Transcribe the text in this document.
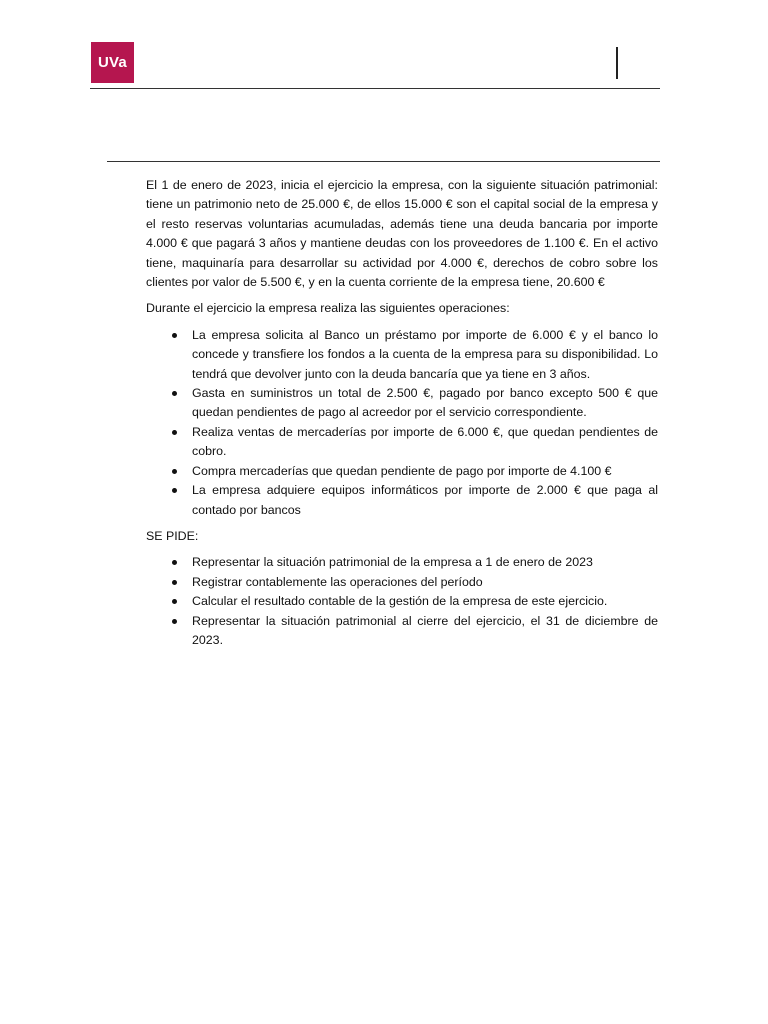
UVa

El 1 de enero de 2023, inicia el ejercicio la empresa, con la siguiente situación patrimonial: tiene un patrimonio neto de 25.000 €, de ellos 15.000 € son el capital social de la empresa y el resto reservas voluntarias acumuladas, además tiene una deuda bancaria por importe 4.000 € que pagará 3 años y mantiene deudas con los proveedores de 1.100 €. En el activo tiene, maquinaría para desarrollar su actividad por 4.000 €, derechos de cobro sobre los clientes por valor de 5.500 €, y en la cuenta corriente de la empresa tiene, 20.600 €

Durante el ejercicio la empresa realiza las siguientes operaciones:

La empresa solicita al Banco un préstamo por importe de 6.000 € y el banco lo concede y transfiere los fondos a la cuenta de la empresa para su disponibilidad. Lo tendrá que devolver junto con la deuda bancaría que ya tiene en 3 años.
Gasta en suministros un total de 2.500 €, pagado por banco excepto 500 € que quedan pendientes de pago al acreedor por el servicio correspondiente.
Realiza ventas de mercaderías por importe de 6.000 €, que quedan pendientes de cobro.
Compra mercaderías que quedan pendiente de pago por importe de 4.100 €
La empresa adquiere equipos informáticos por importe de 2.000 € que paga al contado por bancos

SE PIDE:

Representar la situación patrimonial de la empresa a 1 de enero de 2023
Registrar contablemente las operaciones del período
Calcular el resultado contable de la gestión de la empresa de este ejercicio.
Representar la situación patrimonial al cierre del ejercicio, el 31 de diciembre de 2023.
